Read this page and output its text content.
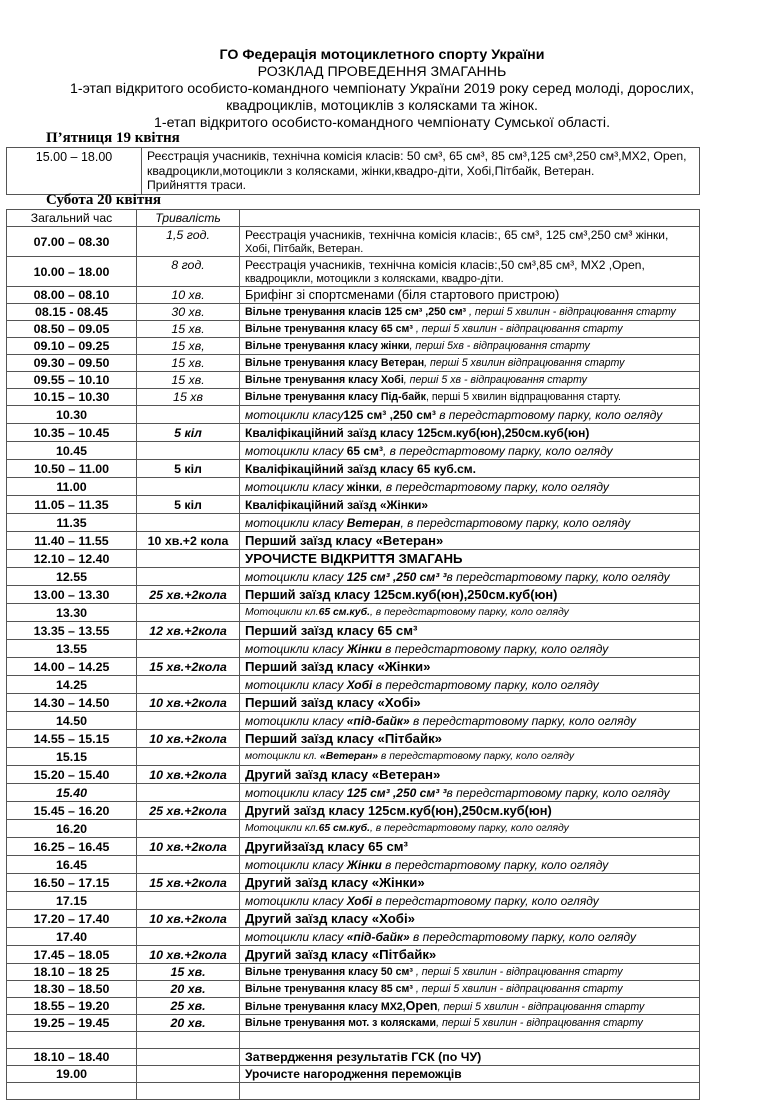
ГО Федерація мотоциклетного спорту України
РОЗКЛАД ПРОВЕДЕННЯ ЗМАГАННЬ
1-этап відкритого особисто-командного чемпіонату України 2019 року серед молоді, дорослих,
квадроциклів, мотоциклів з колясками та жінок.
1-етап відкритого особисто-командного чемпіонату Сумської області.
П’ятниця 19 квітня
15.00 – 18.00	Реєстрація учасників, технічна комісія класів: 50 см³, 65 см³, 85 см³,125 см³,250 см³,МХ2, Open,
квадроцикли,мотоцикли з колясками, жінки,квадро-діти, Хобі,Пітбайк, Ветеран.
Прийняття траси.
Субота 20 квітня
Загальний час	Тривалість	
07.00 – 08.30	1,5 год.	Реєстрація учасників, технічна комісія класів:, 65 см³, 125 см³,250 см³ жінки,
Хобі, Пітбайк, Ветеран.

10.00 – 18.00	8 год.	Реєстрація учасників, технічна комісія класів:,50 см³,85 см³, МХ2 ,Open,
квадроцикли, мотоцикли з колясками, квадро-діти.

08.00 – 08.10	10 хв.	Брифінг зі спортсменами (біля стартового пристрою)
08.15 - 08.45	30 хв.	Вільне тренування класів 125 см³ ,250 см³ , перші 5 хвилин - відпрацювання старту
08.50 – 09.05	15 хв.	Вільне тренування класу 65 см³ , перші 5 хвилин - відпрацювання старту
09.10 – 09.25	15 хв,	Вільне тренування класу жінки, перші 5хв - відпрацювання старту
09.30 – 09.50	15 хв.	Вільне тренування класу Ветеран, перші 5 хвилин відпрацювання старту
09.55 – 10.10	15 хв.	Вільне тренування класу Хобі, перші 5 хв - відпрацювання старту
10.15 – 10.30	15 хв	Вільне тренування класу Під-байк, перші 5 хвилин відпрацювання старту.
10.30		мотоцикли класу125 см³ ,250 см³ в передстартовому парку, коло огляду
10.35 – 10.45	5 кіл	Кваліфікаційний заїзд класу 125см.куб(юн),250см.куб(юн)
10.45		мотоцикли класу 65 см³, в передстартовому парку, коло огляду
10.50 – 11.00	5 кіл	Кваліфікаційний заїзд класу 65 куб.см.
11.00		мотоцикли класу жінки, в передстартовому парку, коло огляду
11.05 – 11.35	5 кіл	Кваліфікаційний заїзд «Жінки»
11.35		мотоцикли класу Ветеран, в передстартовому парку, коло огляду
11.40 – 11.55	10 хв.+2 кола	Перший заїзд класу «Ветеран»
12.10 – 12.40		УРОЧИСТЕ ВІДКРИТТЯ ЗМАГАНЬ
12.55		мотоцикли класу 125 см³ ,250 см³ ³в передстартовому парку, коло огляду
13.00 – 13.30	25 хв.+2кола	Перший заїзд класу 125см.куб(юн),250см.куб(юн)
13.30		Мотоцикли кл.65 см.куб., в передстартовому парку, коло огляду
13.35 – 13.55	12 хв.+2кола	Перший заїзд класу 65 см³
13.55		мотоцикли класу Жінки в передстартовому парку, коло огляду
14.00 – 14.25	15 хв.+2кола	Перший заїзд класу «Жінки»
14.25		мотоцикли класу Хобі в передстартовому парку, коло огляду
14.30 – 14.50	10 хв.+2кола	Перший заїзд класу «Хобі»
14.50		мотоцикли класу «під-байк» в передстартовому парку, коло огляду
14.55 – 15.15	10 хв.+2кола	Перший заїзд класу «Пітбайк»
15.15		мотоцикли кл. «Ветеран» в передстартовому парку, коло огляду
15.20 – 15.40	10 хв.+2кола	Другий заїзд класу «Ветеран»
15.40		мотоцикли класу 125 см³ ,250 см³ ³в передстартовому парку, коло огляду
15.45 – 16.20	25 хв.+2кола	Другий заїзд класу 125см.куб(юн),250см.куб(юн)
16.20		Мотоцикли кл.65 см.куб., в передстартовому парку, коло огляду
16.25 – 16.45	10 хв.+2кола	Другийзаїзд класу 65 см³
16.45		мотоцикли класу Жінки в передстартовому парку, коло огляду
16.50 – 17.15	15 хв.+2кола	Другий заїзд класу «Жінки»
17.15		мотоцикли класу Хобі в передстартовому парку, коло огляду
17.20 – 17.40	10 хв.+2кола	Другий заїзд класу «Хобі»
17.40		мотоцикли класу «під-байк» в передстартовому парку, коло огляду
17.45 – 18.05	10 хв.+2кола	Другий заїзд класу «Пітбайк»
18.10 – 18 25	15 хв.	Вільне тренування класу 50 см³ , перші 5 хвилин - відпрацювання старту
18.30 – 18.50	20 хв.	Вільне тренування класу 85 см³ , перші 5 хвилин - відпрацювання старту
18.55 – 19.20	25 хв.	Вільне тренування класу МХ2,Open, перші 5 хвилин - відпрацювання старту
19.25 – 19.45	20 хв.	Вільне тренування мот. з колясками, перші 5 хвилин - відпрацювання старту

18.10 – 18.40		Затвердження результатів ГСК (по ЧУ)
19.00		Урочисте нагородження переможців
